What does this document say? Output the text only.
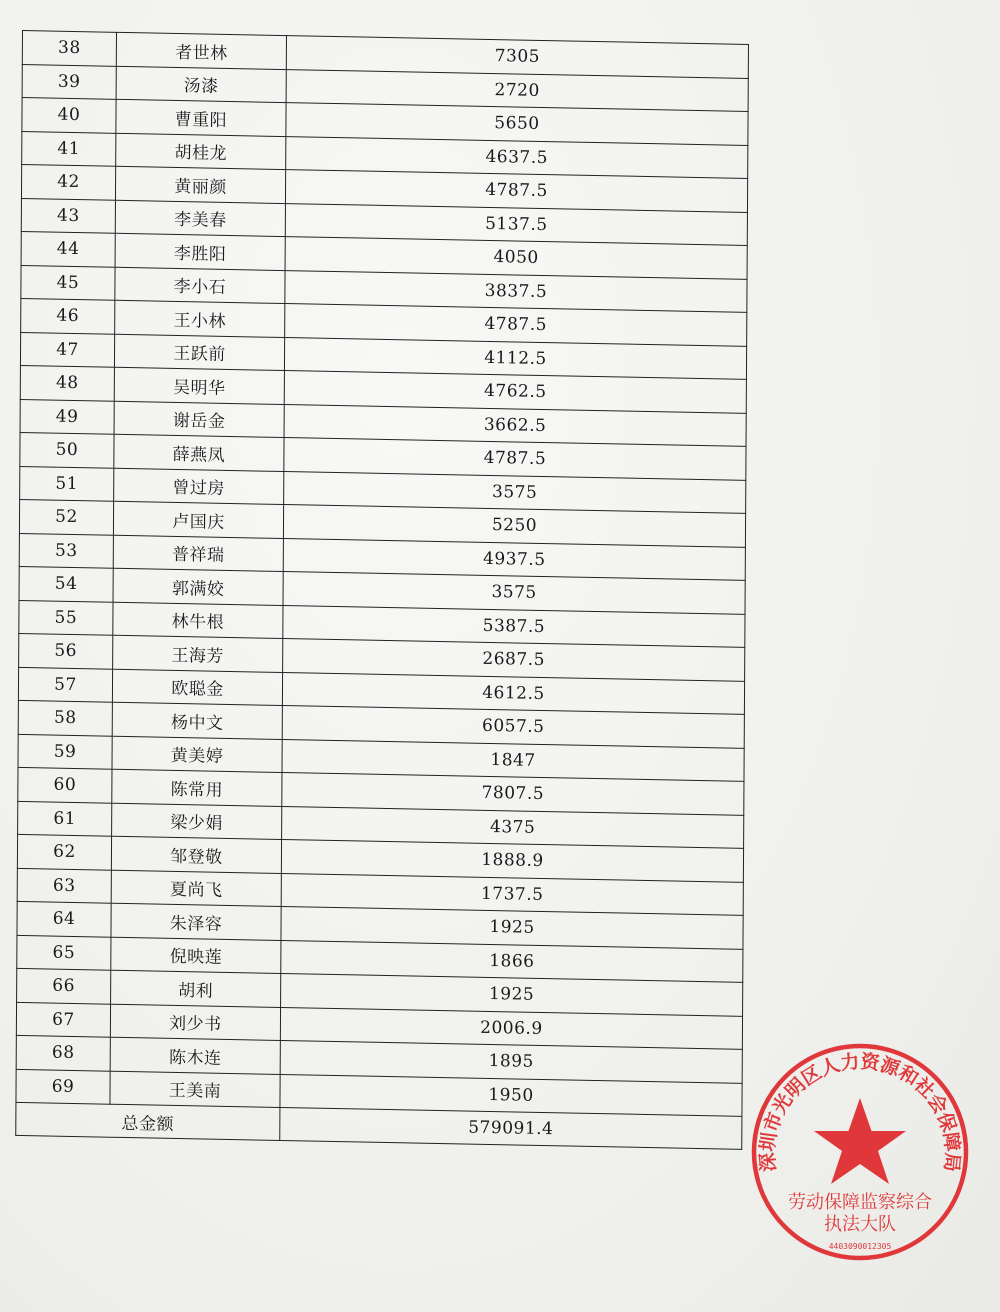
38	者世林	7305
39	汤漆	2720
40	曹重阳	5650
41	胡桂龙	4637.5
42	黄丽颜	4787.5
43	李美春	5137.5
44	李胜阳	4050
45	李小石	3837.5
46	王小林	4787.5
47	王跃前	4112.5
48	吴明华	4762.5
49	谢岳金	3662.5
50	薛燕凤	4787.5
51	曾过房	3575
52	卢国庆	5250
53	普祥瑞	4937.5
54	郭满姣	3575
55	林牛根	5387.5
56	王海芳	2687.5
57	欧聪金	4612.5
58	杨中文	6057.5
59	黄美婷	1847
60	陈常用	7807.5
61	梁少娟	4375
62	邹登敬	1888.9
63	夏尚飞	1737.5
64	朱泽容	1925
65	倪映莲	1866
66	胡利	1925
67	刘少书	2006.9
68	陈木连	1895
69	王美南	1950
总金额		579091.4
深圳市光明区人力资源和社会保障局
劳动保障监察综合
执法大队
4403090012305
